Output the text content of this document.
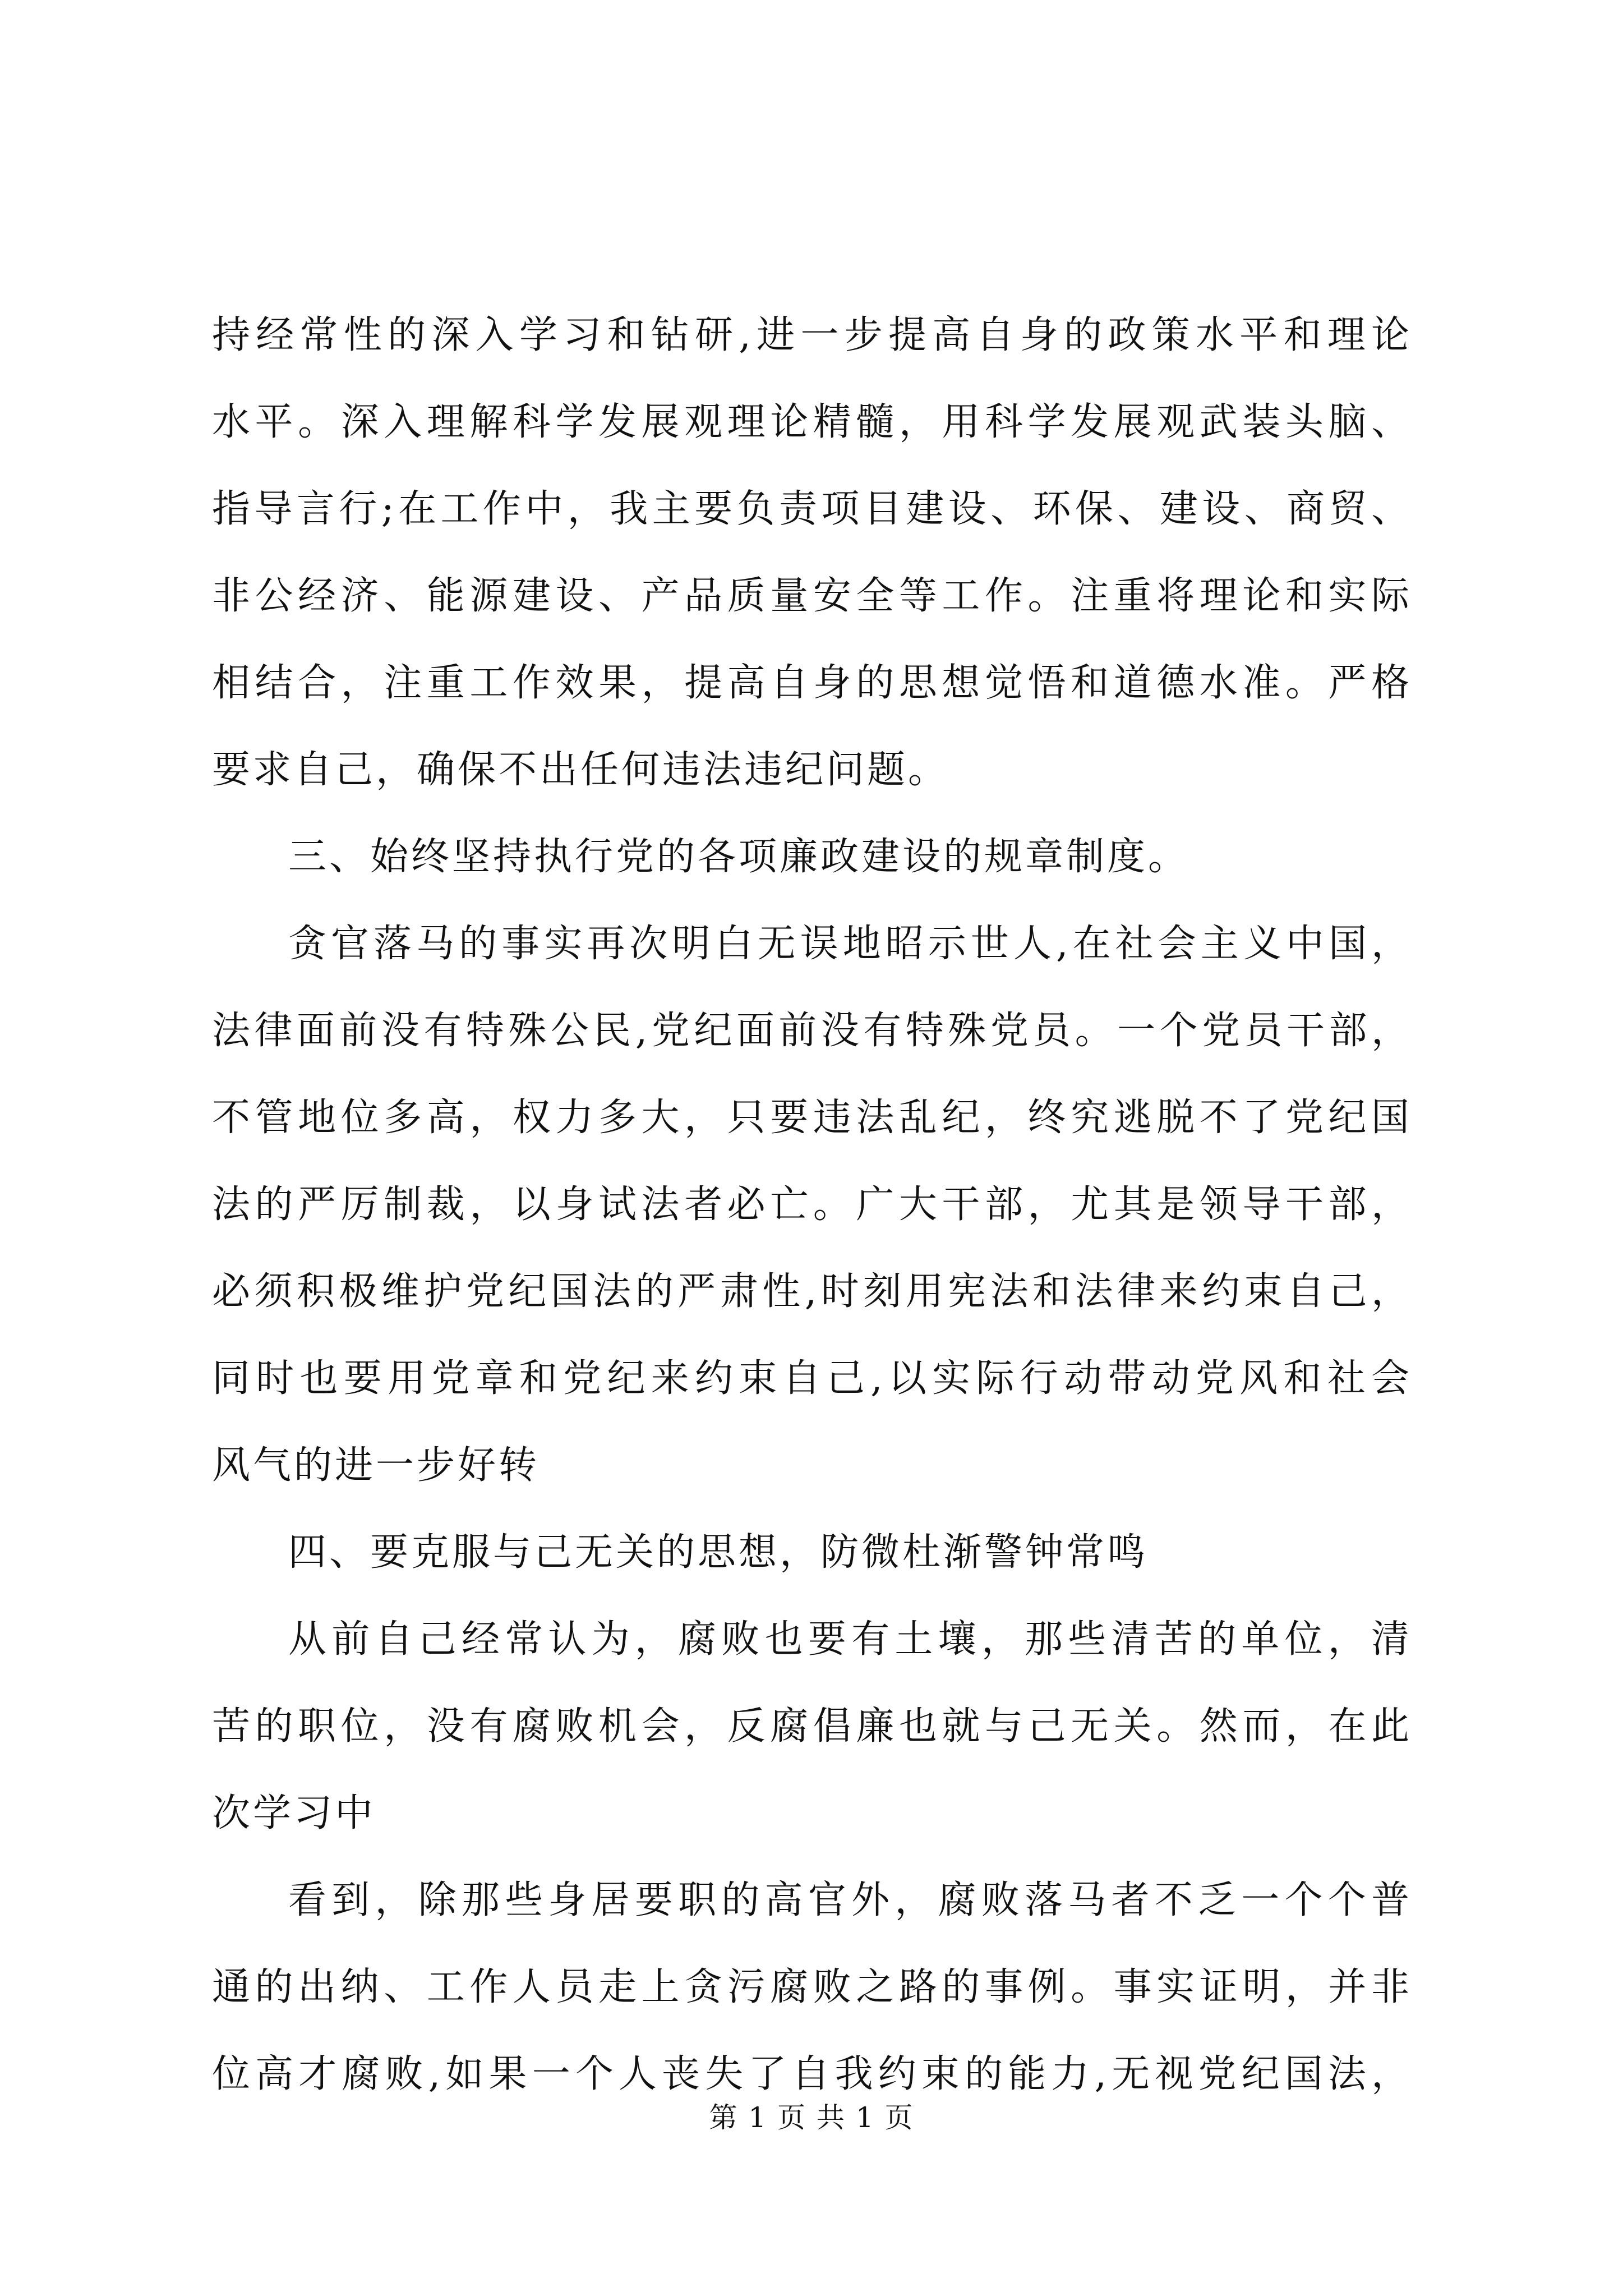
持经常性的深入学习和钻研,进一步提高自身的政策水平和理论
水平。深入理解科学发展观理论精髓，用科学发展观武装头脑、
指导言行;在工作中，我主要负责项目建设、环保、建设、商贸、
非公经济、能源建设、产品质量安全等工作。注重将理论和实际
相结合，注重工作效果，提高自身的思想觉悟和道德水准。严格
要求自己，确保不出任何违法违纪问题。
三、始终坚持执行党的各项廉政建设的规章制度。
贪官落马的事实再次明白无误地昭示世人,在社会主义中国，
法律面前没有特殊公民,党纪面前没有特殊党员。一个党员干部，
不管地位多高，权力多大，只要违法乱纪，终究逃脱不了党纪国
法的严厉制裁，以身试法者必亡。广大干部，尤其是领导干部，
必须积极维护党纪国法的严肃性,时刻用宪法和法律来约束自己，
同时也要用党章和党纪来约束自己,以实际行动带动党风和社会
风气的进一步好转
四、要克服与己无关的思想，防微杜渐警钟常鸣
从前自己经常认为，腐败也要有土壤，那些清苦的单位，清
苦的职位，没有腐败机会，反腐倡廉也就与己无关。然而，在此
次学习中
看到，除那些身居要职的高官外，腐败落马者不乏一个个普
通的出纳、工作人员走上贪污腐败之路的事例。事实证明，并非
位高才腐败,如果一个人丧失了自我约束的能力,无视党纪国法，
第 1 页 共 1 页
